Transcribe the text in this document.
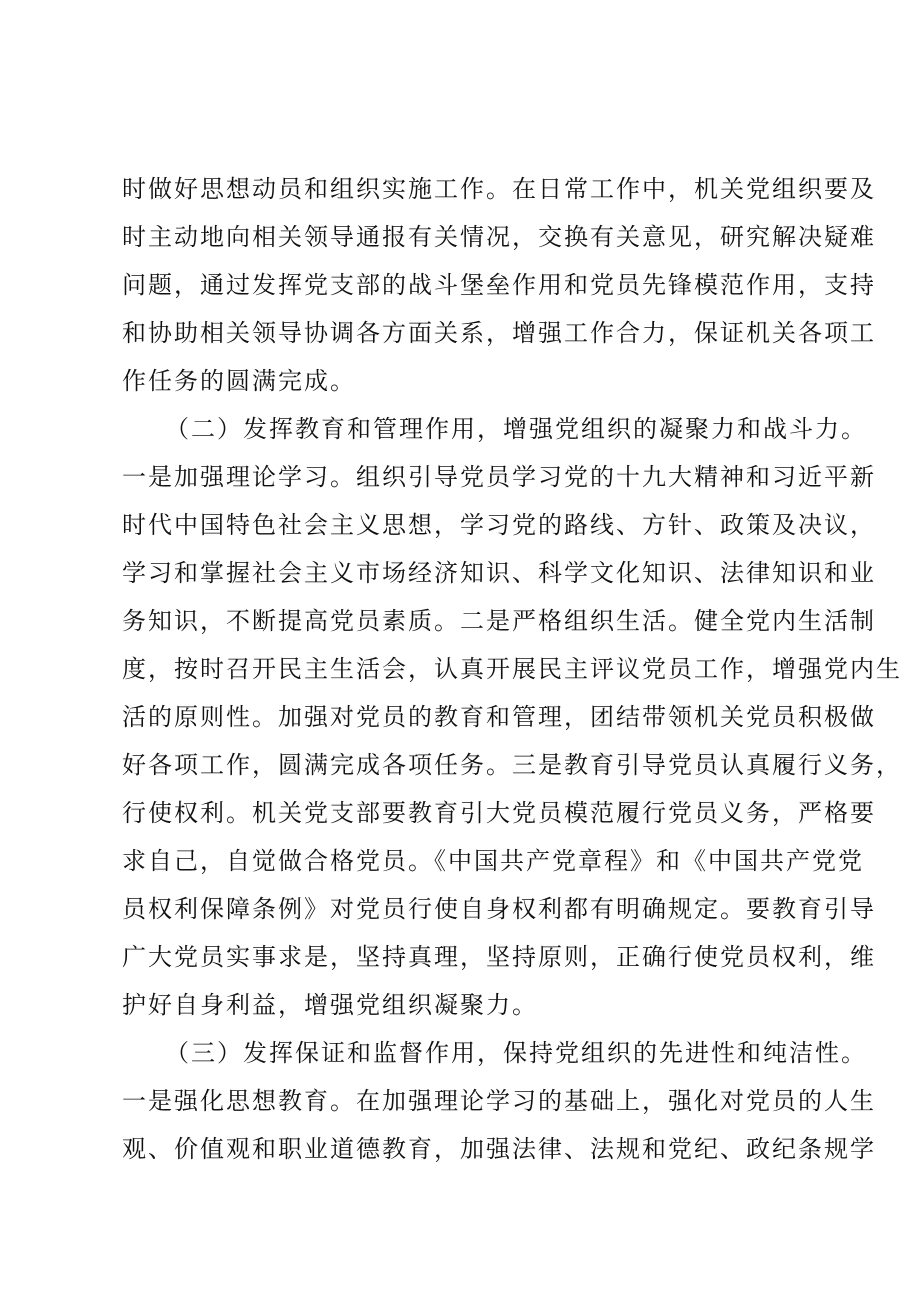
时做好思想动员和组织实施工作。在日常工作中，机关党组织要及
时主动地向相关领导通报有关情况，交换有关意见，研究解决疑难
问题，通过发挥党支部的战斗堡垒作用和党员先锋模范作用，支持
和协助相关领导协调各方面关系，增强工作合力，保证机关各项工
作任务的圆满完成。
（二）发挥教育和管理作用，增强党组织的凝聚力和战斗力。
一是加强理论学习。组织引导党员学习党的十九大精神和习近平新
时代中国特色社会主义思想，学习党的路线、方针、政策及决议，
学习和掌握社会主义市场经济知识、科学文化知识、法律知识和业
务知识，不断提高党员素质。二是严格组织生活。健全党内生活制
度，按时召开民主生活会，认真开展民主评议党员工作，增强党内生
活的原则性。加强对党员的教育和管理，团结带领机关党员积极做
好各项工作，圆满完成各项任务。三是教育引导党员认真履行义务，
行使权利。机关党支部要教育引大党员模范履行党员义务，严格要
求自己，自觉做合格党员。《中国共产党章程》和《中国共产党党
员权利保障条例》对党员行使自身权利都有明确规定。要教育引导
广大党员实事求是，坚持真理，坚持原则，正确行使党员权利，维
护好自身利益，增强党组织凝聚力。
（三）发挥保证和监督作用，保持党组织的先进性和纯洁性。
一是强化思想教育。在加强理论学习的基础上，强化对党员的人生
观、价值观和职业道德教育，加强法律、法规和党纪、政纪条规学
